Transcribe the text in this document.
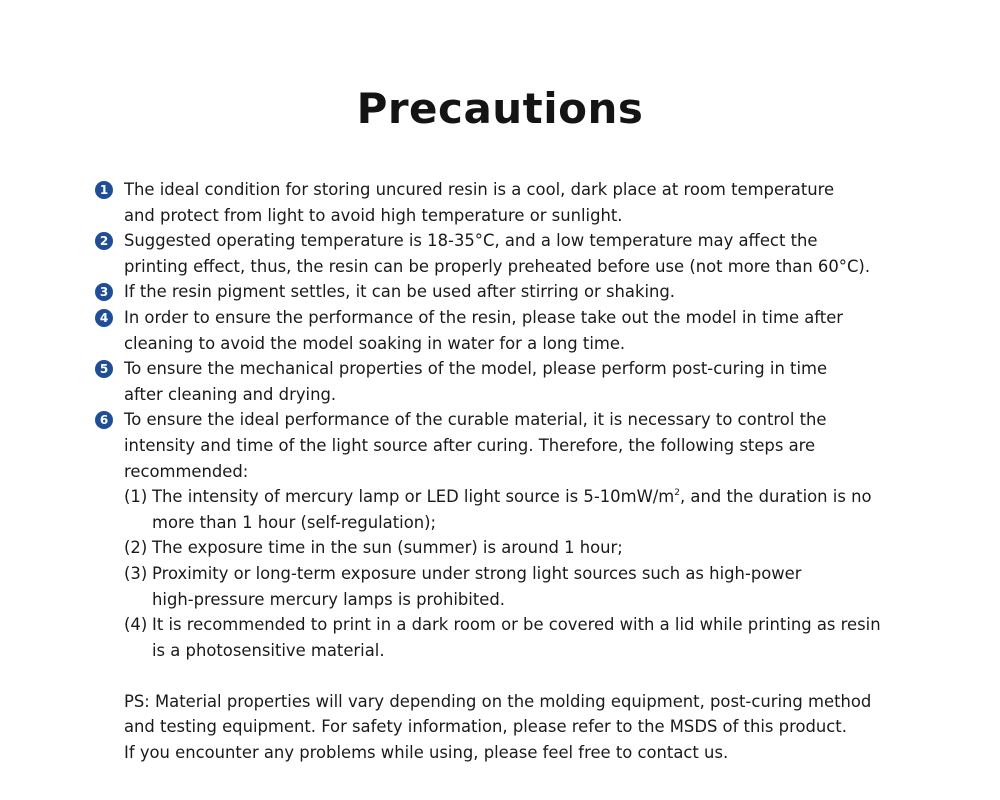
Precautions
1 The ideal condition for storing uncured resin is a cool, dark place at room temperature
and protect from light to avoid high temperature or sunlight.
2 Suggested operating temperature is 18-35°C, and a low temperature may affect the
printing effect, thus, the resin can be properly preheated before use (not more than 60°C).
3 If the resin pigment settles, it can be used after stirring or shaking.
4 In order to ensure the performance of the resin, please take out the model in time after
cleaning to avoid the model soaking in water for a long time.
5 To ensure the mechanical properties of the model, please perform post-curing in time
after cleaning and drying.
6 To ensure the ideal performance of the curable material, it is necessary to control the
intensity and time of the light source after curing. Therefore, the following steps are
recommended:
(1) The intensity of mercury lamp or LED light source is $5-10mW/m^2$, and the duration is no
more than 1 hour (self-regulation);
(2) The exposure time in the sun (summer) is around 1 hour;
(3) Proximity or long-term exposure under strong light sources such as high-power
high-pressure mercury lamps is prohibited.
(4) It is recommended to print in a dark room or be covered with a lid while printing as resin
is a photosensitive material.
PS: Material properties will vary depending on the molding equipment, post-curing method
and testing equipment. For safety information, please refer to the MSDS of this product.
If you encounter any problems while using, please feel free to contact us.
